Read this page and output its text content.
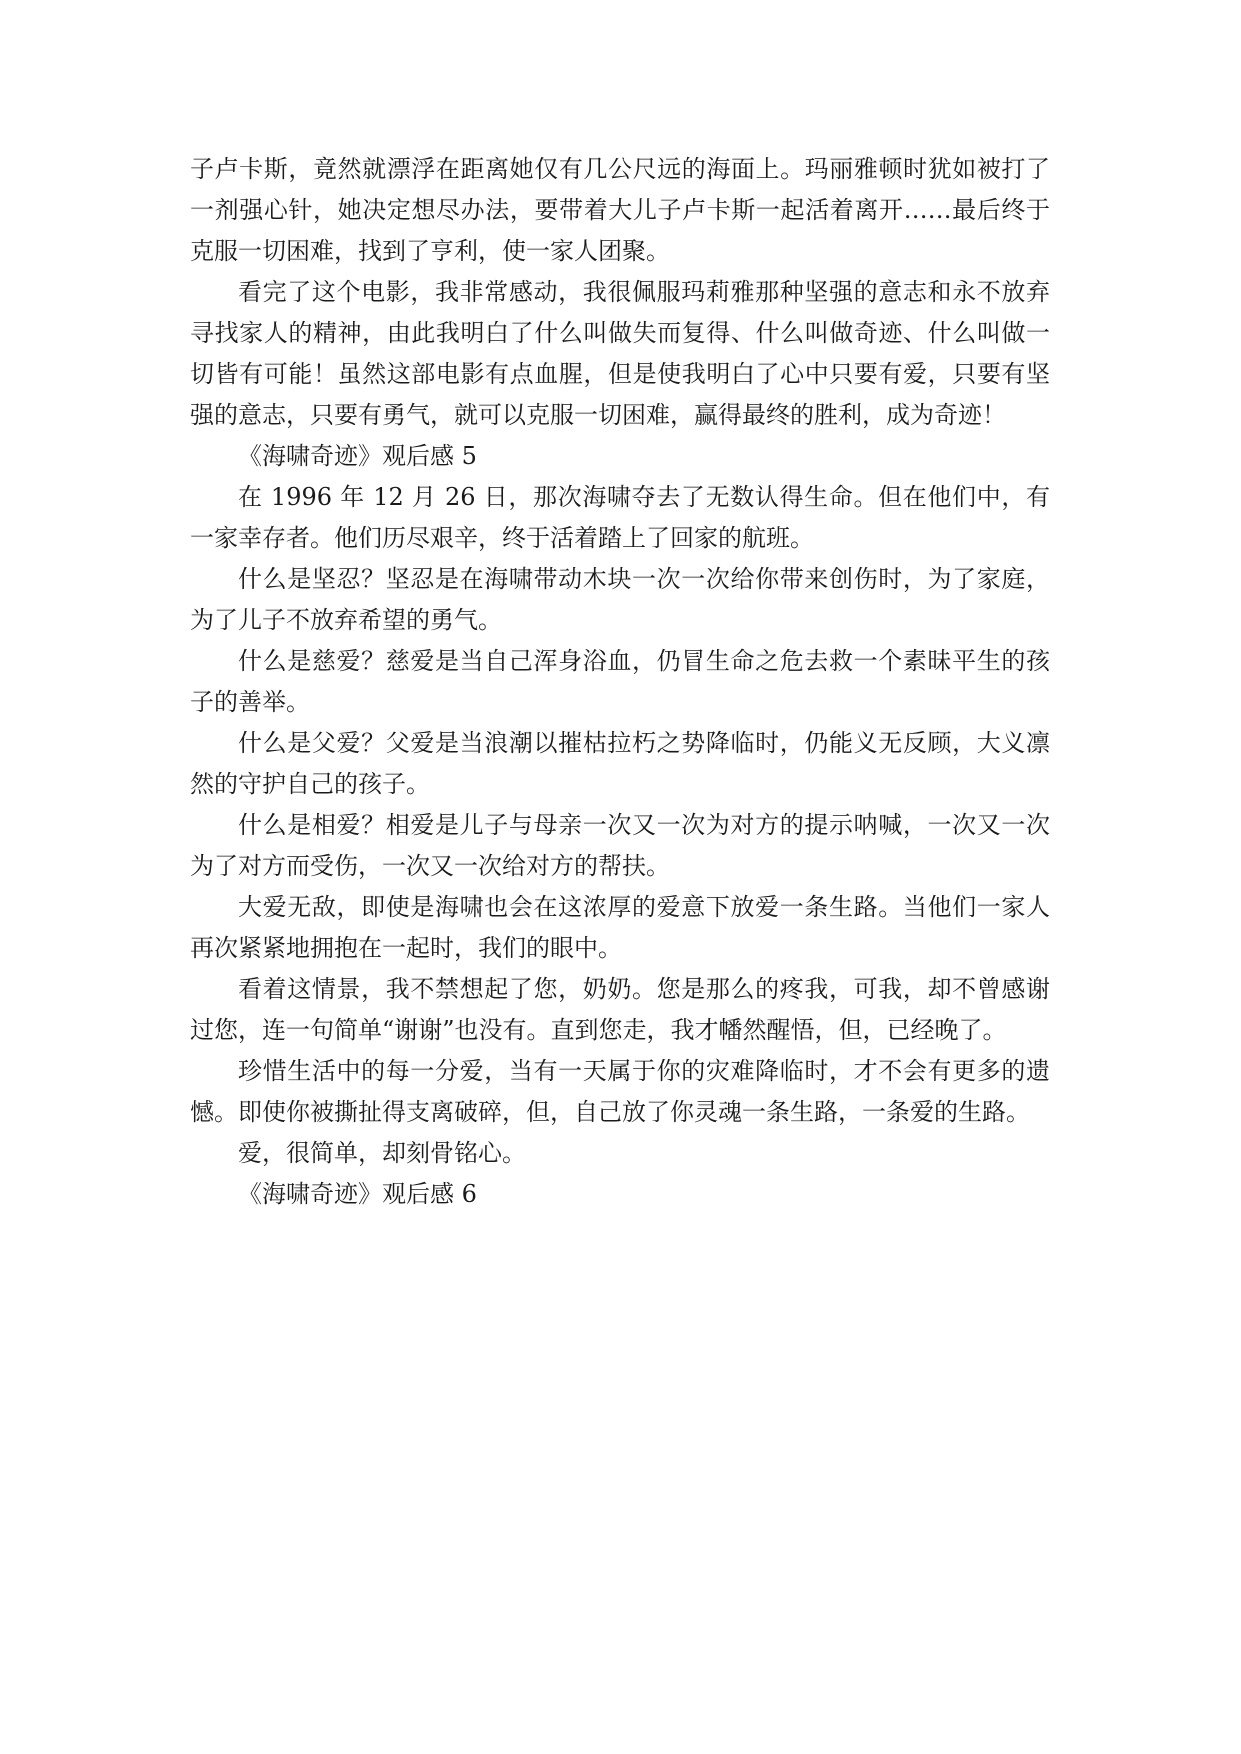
子卢卡斯，竟然就漂浮在距离她仅有几公尺远的海面上。玛丽雅顿时犹如被打了一剂强心针，她决定想尽办法，要带着大儿子卢卡斯一起活着离开……最后终于克服一切困难，找到了亨利，使一家人团聚。

看完了这个电影，我非常感动，我很佩服玛莉雅那种坚强的意志和永不放弃寻找家人的精神，由此我明白了什么叫做失而复得、什么叫做奇迹、什么叫做一切皆有可能！虽然这部电影有点血腥，但是使我明白了心中只要有爱，只要有坚强的意志，只要有勇气，就可以克服一切困难，赢得最终的胜利，成为奇迹！

《海啸奇迹》观后感 5

在 1996 年 12 月 26 日，那次海啸夺去了无数认得生命。但在他们中，有一家幸存者。他们历尽艰辛，终于活着踏上了回家的航班。

什么是坚忍？坚忍是在海啸带动木块一次一次给你带来创伤时，为了家庭，为了儿子不放弃希望的勇气。

什么是慈爱？慈爱是当自己浑身浴血，仍冒生命之危去救一个素昧平生的孩子的善举。

什么是父爱？父爱是当浪潮以摧枯拉朽之势降临时，仍能义无反顾，大义凛然的守护自己的孩子。

什么是相爱？相爱是儿子与母亲一次又一次为对方的提示呐喊，一次又一次为了对方而受伤，一次又一次给对方的帮扶。

大爱无敌，即使是海啸也会在这浓厚的爱意下放爱一条生路。当他们一家人再次紧紧地拥抱在一起时，我们的眼中。

看着这情景，我不禁想起了您，奶奶。您是那么的疼我，可我，却不曾感谢过您，连一句简单“谢谢”也没有。直到您走，我才幡然醒悟，但，已经晚了。

珍惜生活中的每一分爱，当有一天属于你的灾难降临时，才不会有更多的遗憾。即使你被撕扯得支离破碎，但，自己放了你灵魂一条生路，一条爱的生路。

爱，很简单，却刻骨铭心。

《海啸奇迹》观后感 6
